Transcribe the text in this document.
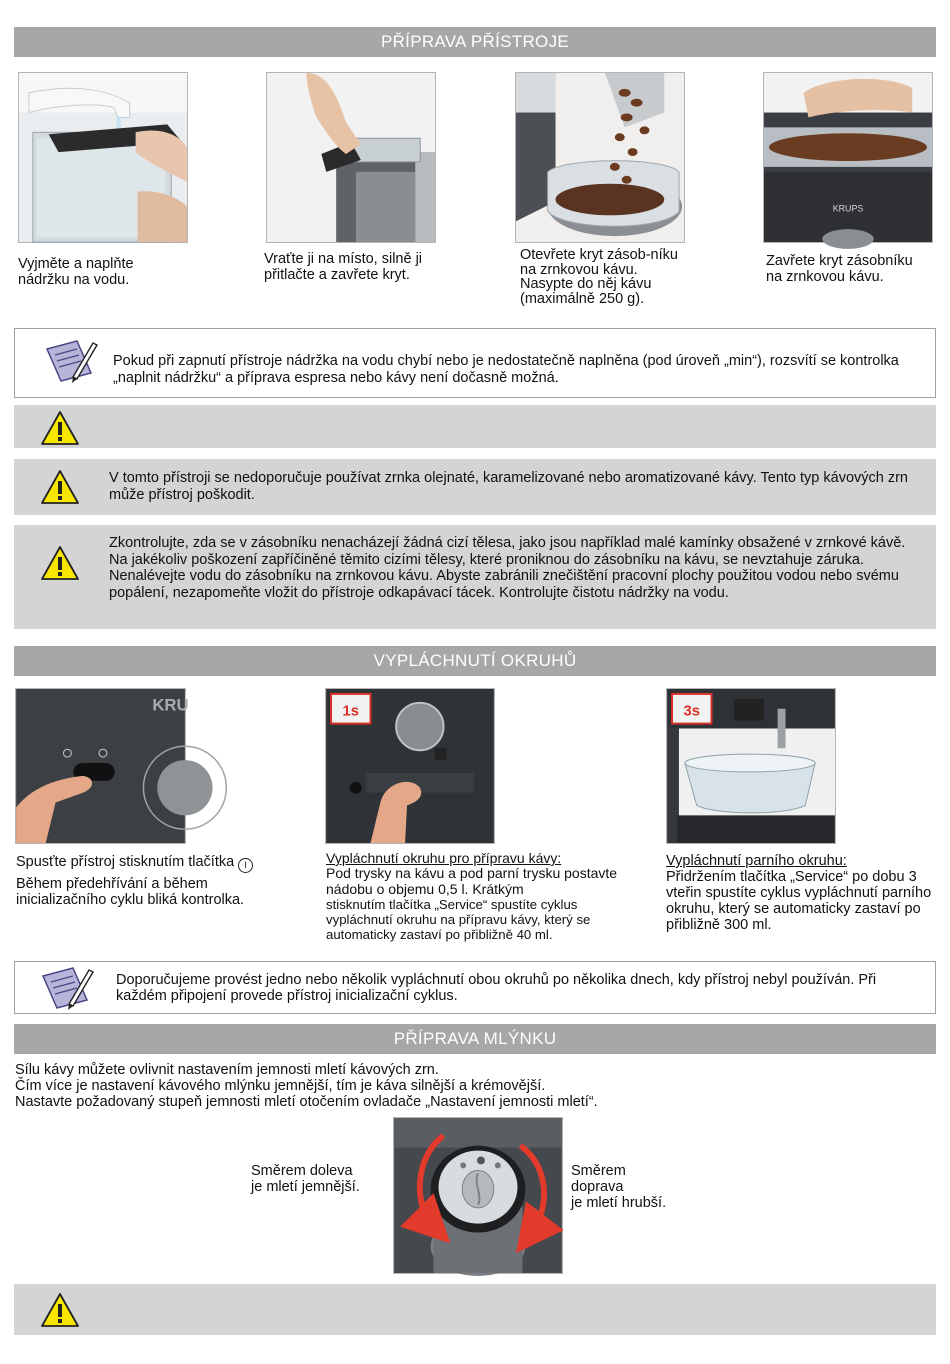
PŘÍPRAVA PŘÍSTROJE
Vyjměte a naplňte nádržku na vodu.
Vraťte ji na místo, silně ji přitlačte a zavřete kryt.
Otevřete kryt zásob-níku na zrnkovou kávu. Nasypte do něj kávu (maximálně 250 g).
KRUPS
Zavřete kryt zásobníku na zrnkovou kávu.
Pokud při zapnutí přístroje nádržka na vodu chybí nebo je nedostatečně naplněna (pod úroveň „min“), rozsvítí se kontrolka „naplnit nádržku“ a příprava espresa nebo kávy není dočasně možná.
V tomto přístroji se nedoporučuje používat zrnka olejnaté, karamelizované nebo aromatizované kávy. Tento typ kávových zrn může přístroj poškodit.
Zkontrolujte, zda se v zásobníku nenacházejí žádná cizí tělesa, jako jsou například malé kamínky obsažené v zrnkové kávě. Na jakékoliv poškození zapříčiněné těmito cizími tělesy, které proniknou do zásobníku na kávu, se nevztahuje záruka. Nenalévejte vodu do zásobníku na zrnkovou kávu. Abyste zabránili znečištění pracovní plochy použitou vodou nebo svému popálení, nezapomeňte vložit do přístroje odkapávací tácek. Kontrolujte čistotu nádržky na vodu.
VYPLÁCHNUTÍ OKRUHŮ
KRU
Spusťte přístroj stisknutím tlačítka I
Během předehřívání a během inicializačního cyklu bliká kontrolka.
1s
Vypláchnutí okruhu pro přípravu kávy:
Pod trysky na kávu a pod parní trysku postavte nádobu o objemu 0,5 l. Krátkým
stisknutím tlačítka „Service“ spustíte cyklus vypláchnutí okruhu na přípravu kávy, který se automaticky zastaví po přibližně 40 ml.
3s
Vypláchnutí parního okruhu:
Přidržením tlačítka „Service“ po dobu 3 vteřin spustíte cyklus vypláchnutí parního okruhu, který se automaticky zastaví po přibližně 300 ml.
Doporučujeme provést jedno nebo několik vypláchnutí obou okruhů po několika dnech, kdy přístroj nebyl používán. Při každém připojení provede přístroj inicializační cyklus.
PŘÍPRAVA MLÝNKU
Sílu kávy můžete ovlivnit nastavením jemnosti mletí kávových zrn.
Čím více je nastavení kávového mlýnku jemnější, tím je káva silnější a krémovější.
Nastavte požadovaný stupeň jemnosti mletí otočením ovladače „Nastavení jemnosti mletí“.
Směrem doleva
je mletí jemnější.
Směrem
doprava
je mletí hrubší.
